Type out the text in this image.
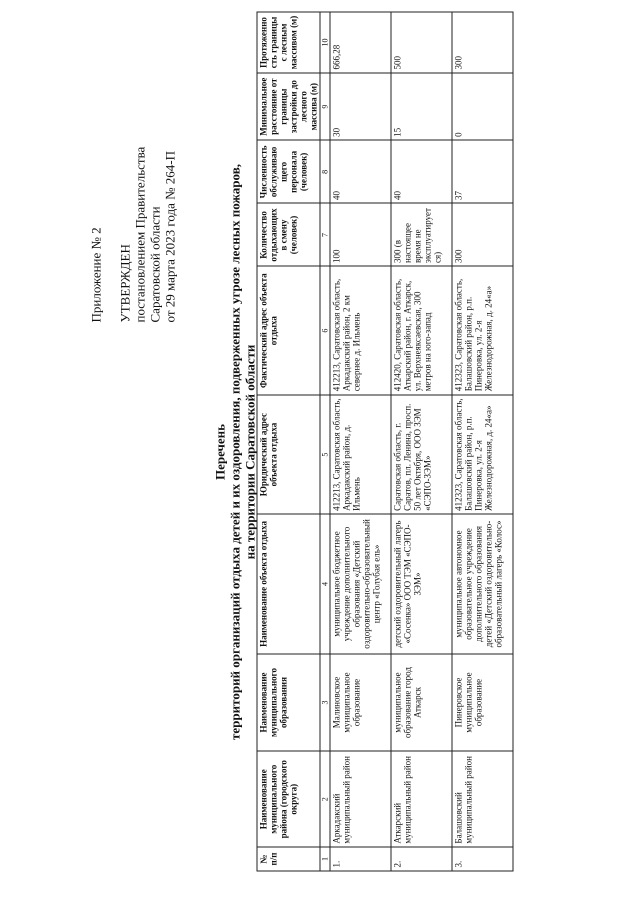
Приложение № 2 УТВЕРЖДЕН постановлением Правительства Саратовской области от 29 марта 2023 года № 264-П
Перечень территорий организаций отдыха детей и их оздоровления, подверженных угрозе лесных пожаров, на территории Саратовской области
№ п/п	Наименование муниципального района (городского округа)	Наименование муниципального образования	Наименование объекта отдыха	Юридический адрес объекта отдыха	Фактический адрес объекта отдыха	Количество отдыхающих в смену (человек)	Численность обслуживающего персонала (человек)	Минимальное расстояние от границы застройки до лесного массива (м)	Протяженность границы с лесным массивом (м)
1	2	3	4	5	6	7	8	9	10
1.	Аркадакский муниципальный район	Малиновское муниципальное образование	муниципальное бюджетное учреждение дополнительного образования «Детский оздоровительно-образовательный центр «Голубая ель»	412213, Саратовская область, Аркадакский район, д. Ильмень	412213, Саратовская область, Аркадакский район, 2 км севернее д. Ильмень	100	40	30	666,28
2.	Аткарский муниципальный район	муниципальное образование город Аткарск	детский оздоровительный лагерь «Сосенка» ООО ТЭМ «СЭПО-ЗЭМ»	Саратовская область, г. Саратов, пл. Ленина, просп. 50 лет Октября, ООО ЗЭМ «СЭПО-ЗЭМ»	412420, Саратовская область, Аткарский район, г. Аткарск, ул. Верхнеяксаевская, 300 метров на юго-запад	300 (в настоящее время не эксплуатируется)	40	15	500
3.	Балашовский муниципальный район	Пинеровское муниципальное образование	муниципальное автономное образовательное учреждение дополнительного образования детей «Детский оздоровительно-образовательный лагерь «Колос»	412323, Саратовская область, Балашовский район, р.п. Пинеровка, ул. 2-я Железнодорожная, д. 24«а»	412323, Саратовская область, Балашовский район, р.п. Пинеровка, ул. 2-я Железнодорожная, д. 24«а»	300	37	0	300
